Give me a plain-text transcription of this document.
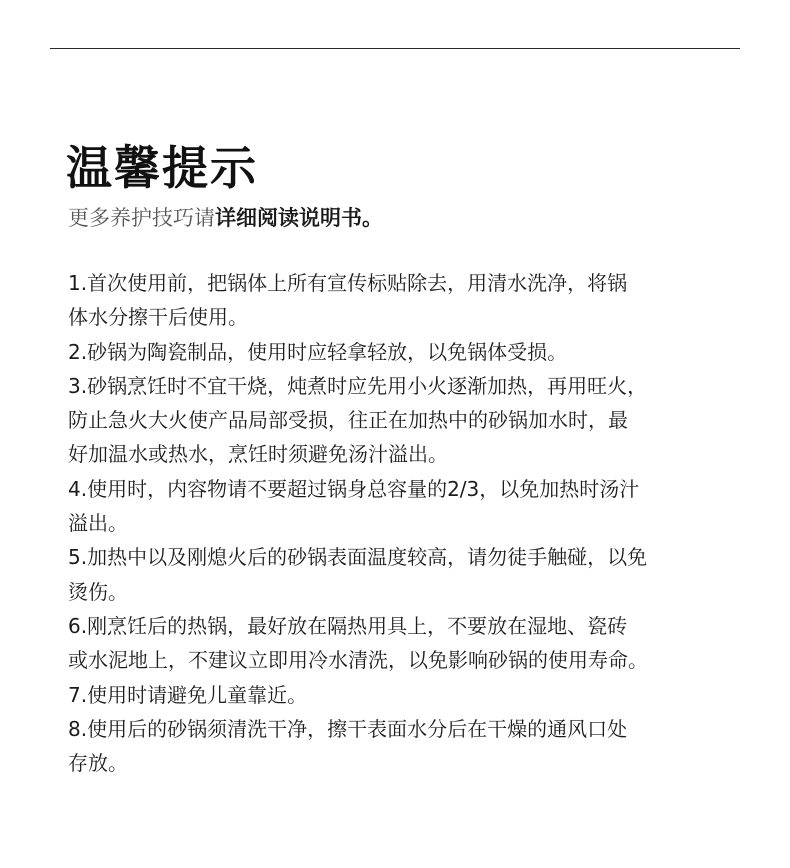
温馨提示

更多养护技巧请详细阅读说明书。

1.首次使用前，把锅体上所有宣传标贴除去，用清水洗净，将锅
体水分擦干后使用。
2.砂锅为陶瓷制品，使用时应轻拿轻放，以免锅体受损。
3.砂锅烹饪时不宜干烧，炖煮时应先用小火逐渐加热，再用旺火，
防止急火大火使产品局部受损，往正在加热中的砂锅加水时，最
好加温水或热水，烹饪时须避免汤汁溢出。
4.使用时，内容物请不要超过锅身总容量的2/3，以免加热时汤汁
溢出。
5.加热中以及刚熄火后的砂锅表面温度较高，请勿徒手触碰，以免
烫伤。
6.刚烹饪后的热锅，最好放在隔热用具上，不要放在湿地、瓷砖
或水泥地上，不建议立即用冷水清洗，以免影响砂锅的使用寿命。
7.使用时请避免儿童靠近。
8.使用后的砂锅须清洗干净，擦干表面水分后在干燥的通风口处
存放。
